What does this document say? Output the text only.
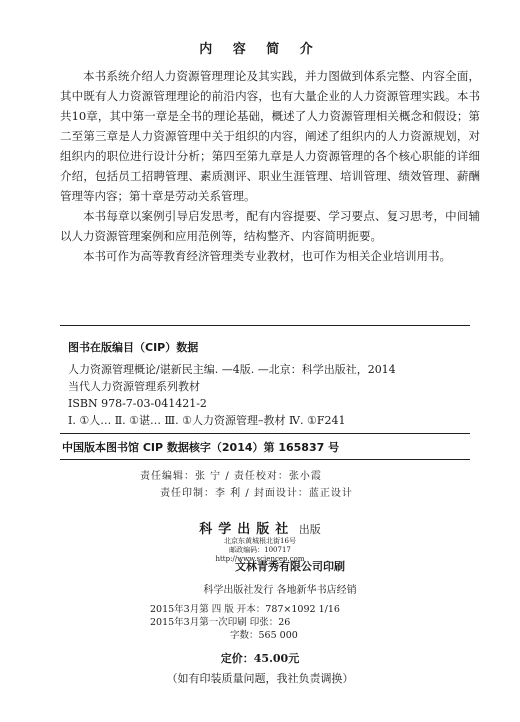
内 容 简 介

本书系统介绍人力资源管理理论及其实践，并力图做到体系完整、内容全面，其中既有人力资源管理理论的前沿内容，也有大量企业的人力资源管理实践。本书共10章，其中第一章是全书的理论基础，概述了人力资源管理相关概念和假设；第二至第三章是人力资源管理中关于组织的内容，阐述了组织内的人力资源规划，对组织内的职位进行设计分析；第四至第九章是人力资源管理的各个核心职能的详细介绍，包括员工招聘管理、素质测评、职业生涯管理、培训管理、绩效管理、薪酬管理等内容；第十章是劳动关系管理。

本书每章以案例引导启发思考，配有内容提要、学习要点、复习思考，中间辅以人力资源管理案例和应用范例等，结构整齐、内容简明扼要。

本书可作为高等教育经济管理类专业教材，也可作为相关企业培训用书。

图书在版编目（CIP）数据
人力资源管理概论/谌新民主编. —4版. —北京：科学出版社，2014
当代人力资源管理系列教材
ISBN 978-7-03-041421-2
Ⅰ. ①人… Ⅱ. ①谌… Ⅲ. ①人力资源管理–教材 Ⅳ. ①F241
中国版本图书馆 CIP 数据核字（2014）第 165837 号
责任编辑：张 宁 / 责任校对：张小霞
责任印制：李 利 / 封面设计：蓝正设计
科学出版社 出版
北京东黄城根北街16号
邮政编码：100717
http://www.sciencep.com
文林青秀有限公司印刷
科学出版社发行 各地新华书店经销
2015年3月第 四 版 开本：787×1092 1/16
2015年3月第一次印刷 印张：26
字数：565 000
定价：45.00元
（如有印装质量问题，我社负责调换）
